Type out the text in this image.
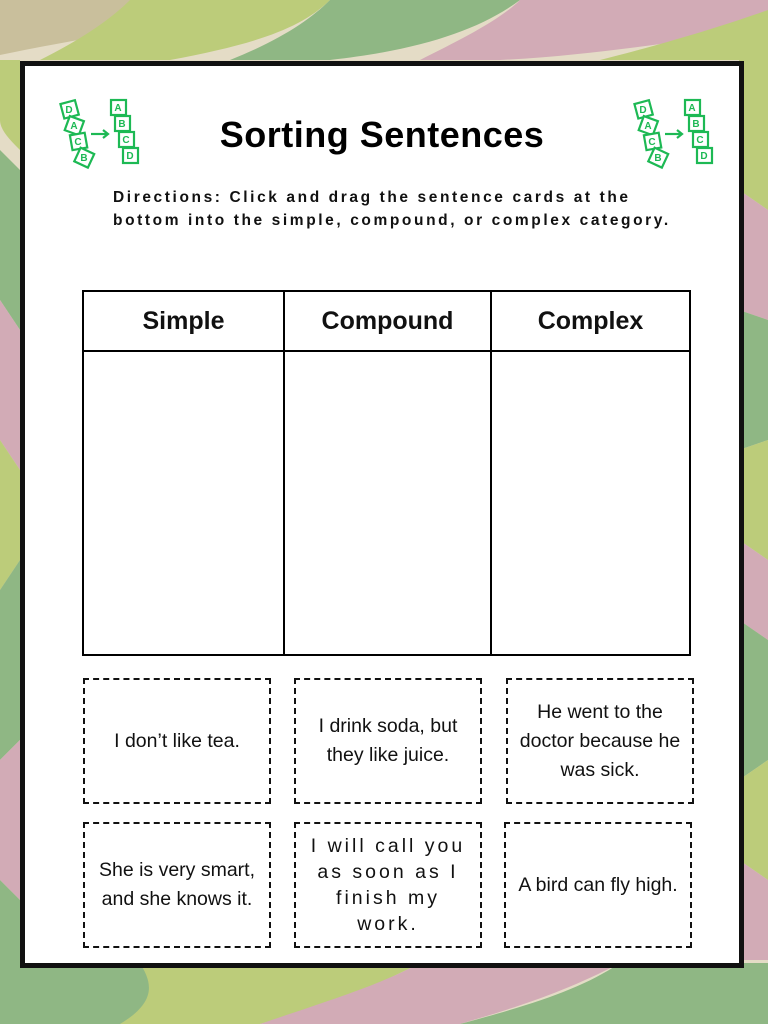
D
A
C
B
A
B
C
D
Sorting Sentences
D
A
C
B
A
B
C
D
Directions: Click and drag the sentence cards at the bottom into the simple, compound, or complex category.
Simple	Compound	Complex
I don’t like tea.
I drink soda, but they like juice.
He went to the doctor because he was sick.
She is very smart, and she knows it.
I will call you as soon as I finish my work.
A bird can fly high.
